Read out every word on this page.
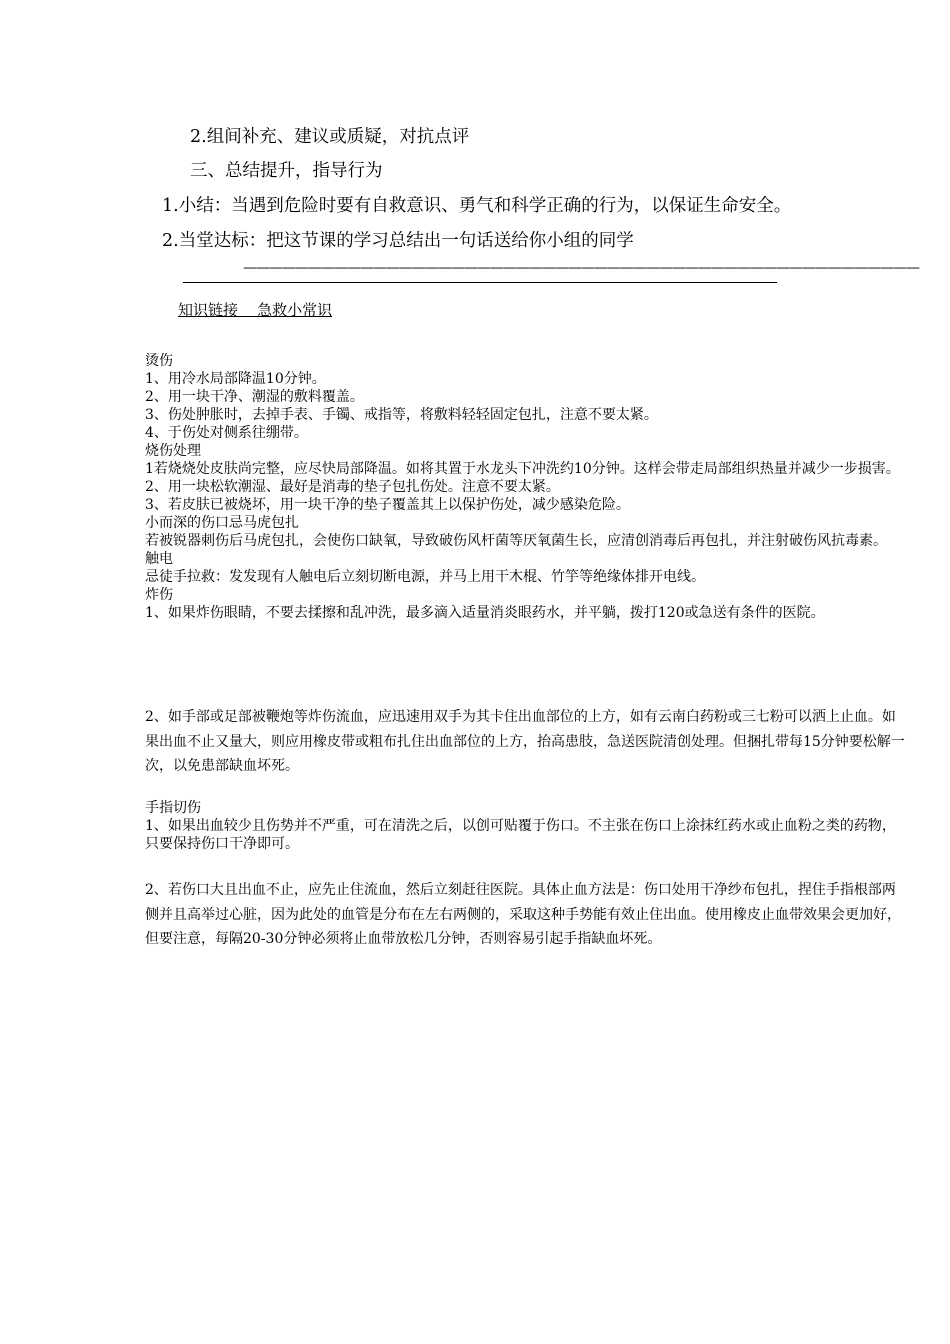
2.组间补充、建议或质疑，对抗点评
三、总结提升，指导行为
1.小结：当遇到危险时要有自救意识、勇气和科学正确的行为，以保证生命安全。
2.当堂达标：把这节课的学习总结出一句话送给你小组的同学
————————————————————————————————————————————————————
知识链接    急救小常识

烫伤

1、用冷水局部降温10分钟。

2、用一块干净、潮湿的敷料覆盖。

3、伤处肿胀时，去掉手表、手镯、戒指等，将敷料轻轻固定包扎，注意不要太紧。

4、于伤处对侧系往绷带。

烧伤处理

1若烧烧处皮肤尚完整，应尽快局部降温。如将其置于水龙头下冲洗约10分钟。这样会带走局部组织热量并减少一步损害。

2、用一块松软潮湿、最好是消毒的垫子包扎伤处。注意不要太紧。

3、若皮肤已被烧坏，用一块干净的垫子覆盖其上以保护伤处，减少感染危险。

小而深的伤口忌马虎包扎

若被锐器刺伤后马虎包扎，会使伤口缺氧，导致破伤风杆菌等厌氧菌生长，应清创消毒后再包扎，并注射破伤风抗毒素。

触电

忌徒手拉救：发发现有人触电后立刻切断电源，并马上用干木棍、竹竽等绝缘体排开电线。

炸伤

1、如果炸伤眼睛，不要去揉擦和乱冲洗，最多滴入适量消炎眼药水，并平躺，拨打120或急送有条件的医院。

2、如手部或足部被鞭炮等炸伤流血，应迅速用双手为其卡住出血部位的上方，如有云南白药粉或三七粉可以洒上止血。如果出血不止又量大，则应用橡皮带或粗布扎住出血部位的上方，抬高患肢，急送医院清创处理。但捆扎带每15分钟要松解一次，以免患部缺血坏死。

手指切伤

1、如果出血较少且伤势并不严重，可在清洗之后，以创可贴覆于伤口。不主张在伤口上涂抹红药水或止血粉之类的药物，只要保持伤口干净即可。

2、若伤口大且出血不止，应先止住流血，然后立刻赶往医院。具体止血方法是：伤口处用干净纱布包扎，捏住手指根部两侧并且高举过心脏，因为此处的血管是分布在左右两侧的，采取这种手势能有效止住出血。使用橡皮止血带效果会更加好，但要注意，每隔20-30分钟必须将止血带放松几分钟，否则容易引起手指缺血坏死。
